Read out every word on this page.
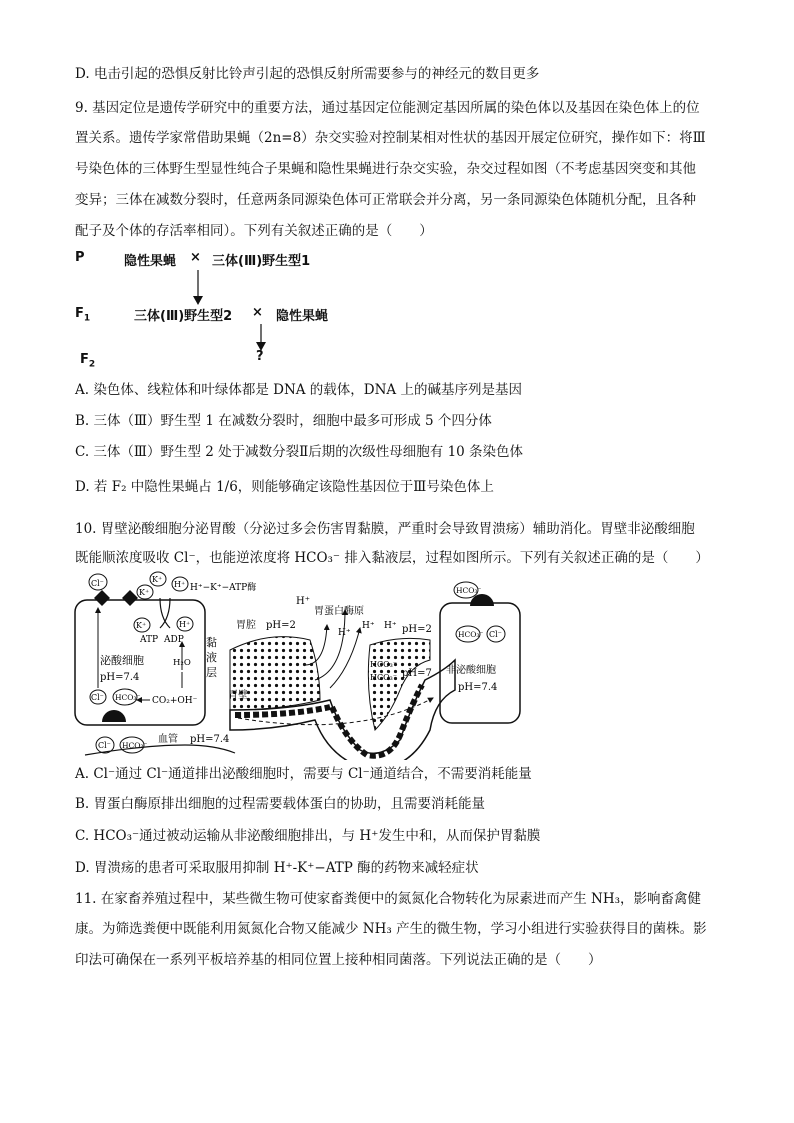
D. 电击引起的恐惧反射比铃声引起的恐惧反射所需要参与的神经元的数目更多
9. 基因定位是遗传学研究中的重要方法，通过基因定位能测定基因所属的染色体以及基因在染色体上的位
置关系。遗传学家常借助果蝇（2n=8）杂交实验对控制某相对性状的基因开展定位研究，操作如下：将Ⅲ
号染色体的三体野生型显性纯合子果蝇和隐性果蝇进行杂交实验，杂交过程如图（不考虑基因突变和其他
变异；三体在减数分裂时，任意两条同源染色体可正常联会并分离，另一条同源染色体随机分配，且各种
配子及个体的存活率相同）。下列有关叙述正确的是（　　）
P	隐性果蝇 × 三体(Ⅲ)野生型1
$F_1$	三体(Ⅲ)野生型2 × 隐性果蝇
?
$F_2$
A. 染色体、线粒体和叶绿体都是 DNA 的载体，DNA 上的碱基序列是基因
B. 三体（Ⅲ）野生型 1 在减数分裂时，细胞中最多可形成 5 个四分体
C. 三体（Ⅲ）野生型 2 处于减数分裂Ⅱ后期的次级性母细胞有 10 条染色体
D. 若 F₂ 中隐性果蝇占 1/6，则能够确定该隐性基因位于Ⅲ号染色体上
10. 胃壁泌酸细胞分泌胃酸（分泌过多会伤害胃黏膜，严重时会导致胃溃疡）辅助消化。胃壁非泌酸细胞
既能顺浓度吸收 Cl⁻，也能逆浓度将 HCO₃⁻ 排入黏液层，过程如图所示。下列有关叙述正确的是（　　）
Cl⁻
K⁺
K⁺
H⁺ H⁺−K⁺−ATP酶
K⁺	H⁺
ATP ADP
泌酸细胞
pH=7.4
H₂O
Cl⁻ HCO₃⁻ CO₂+OH⁻
Cl⁻ HCO₃⁻
血管 pH=7.4
H⁺
胃蛋白酶原
胃腔 pH=2
黏
液
层
胃壁
H⁺
H⁺ H⁺ pH=2
HCO₃⁻
HCO₃⁻ pH=7
HCO₃⁻
HCO₃⁻ Cl⁻
非泌酸细胞
pH=7.4
A. Cl⁻通过 Cl⁻通道排出泌酸细胞时，需要与 Cl⁻通道结合，不需要消耗能量
B. 胃蛋白酶原排出细胞的过程需要载体蛋白的协助，且需要消耗能量
C. HCO₃⁻通过被动运输从非泌酸细胞排出，与 H⁺发生中和，从而保护胃黏膜
D. 胃溃疡的患者可采取服用抑制 H⁺-K⁺−ATP 酶的药物来减轻症状
11. 在家畜养殖过程中，某些微生物可使家畜粪便中的氮氮化合物转化为尿素进而产生 NH₃，影响畜禽健
康。为筛选粪便中既能利用氮氮化合物又能减少 NH₃ 产生的微生物，学习小组进行实验获得目的菌株。影
印法可确保在一系列平板培养基的相同位置上接种相同菌落。下列说法正确的是（　　）
